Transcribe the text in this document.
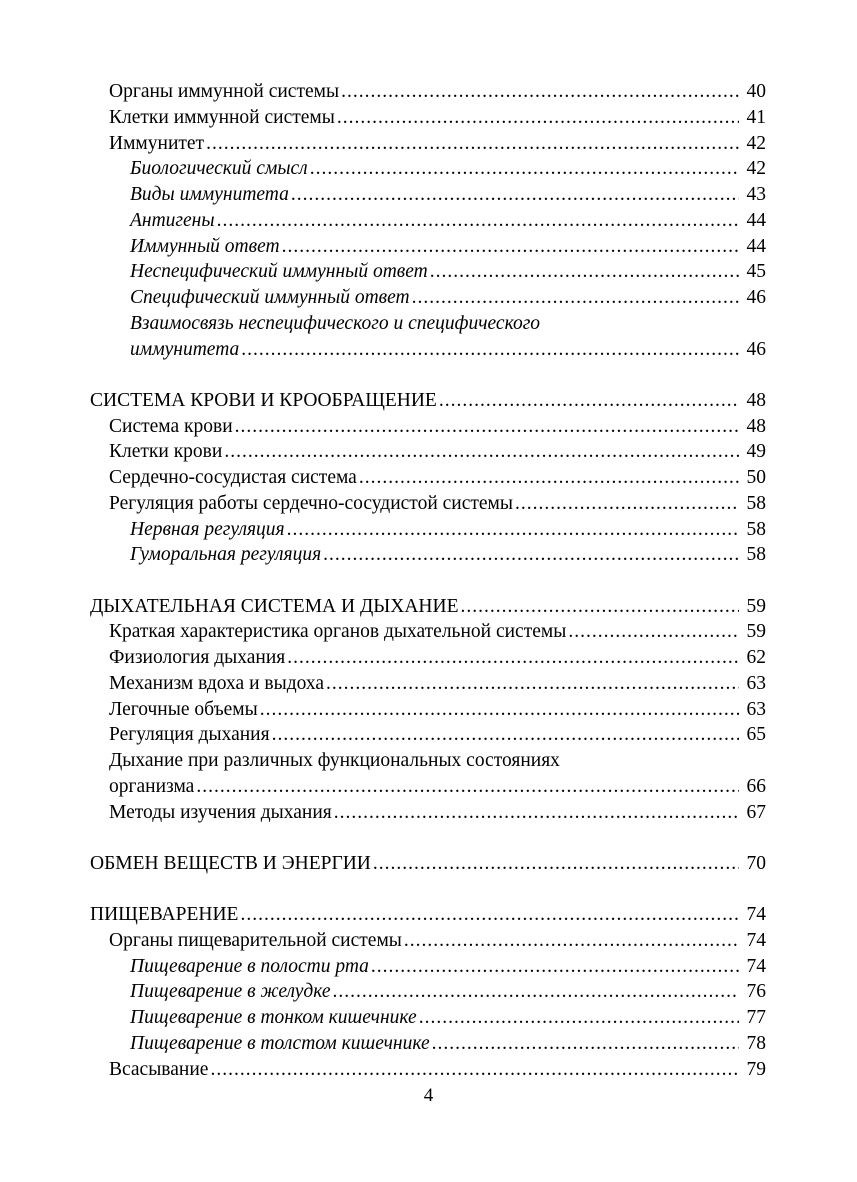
Органы иммунной системы .....	40
Клетки иммунной системы .....	41
Иммунитет .....	42
Биологический смысл .....	42
Виды иммунитета .....	43
Антигены .....	44
Иммунный ответ .....	44
Неспецифический иммунный ответ .....	45
Специфический иммунный ответ .....	46
Взаимосвязь неспецифического и специфического
иммунитета .....	46
СИСТЕМА КРОВИ И КРООБРАЩЕНИЕ .....	48
Система крови .....	48
Клетки крови .....	49
Сердечно-сосудистая система .....	50
Регуляция работы сердечно-сосудистой системы .....	58
Нервная регуляция .....	58
Гуморальная регуляция .....	58
ДЫХАТЕЛЬНАЯ СИСТЕМА И ДЫХАНИЕ .....	59
Краткая характеристика органов дыхательной системы .....	59
Физиология дыхания .....	62
Механизм вдоха и выдоха .....	63
Легочные объемы .....	63
Регуляция дыхания .....	65
Дыхание при различных функциональных состояниях
организма .....	66
Методы изучения дыхания .....	67
ОБМЕН ВЕЩЕСТВ И ЭНЕРГИИ .....	70
ПИЩЕВАРЕНИЕ .....	74
Органы пищеварительной системы .....	74
Пищеварение в полости рта .....	74
Пищеварение в желудке .....	76
Пищеварение в тонком кишечнике .....	77
Пищеварение в толстом кишечнике .....	78
Всасывание .....	79
4
